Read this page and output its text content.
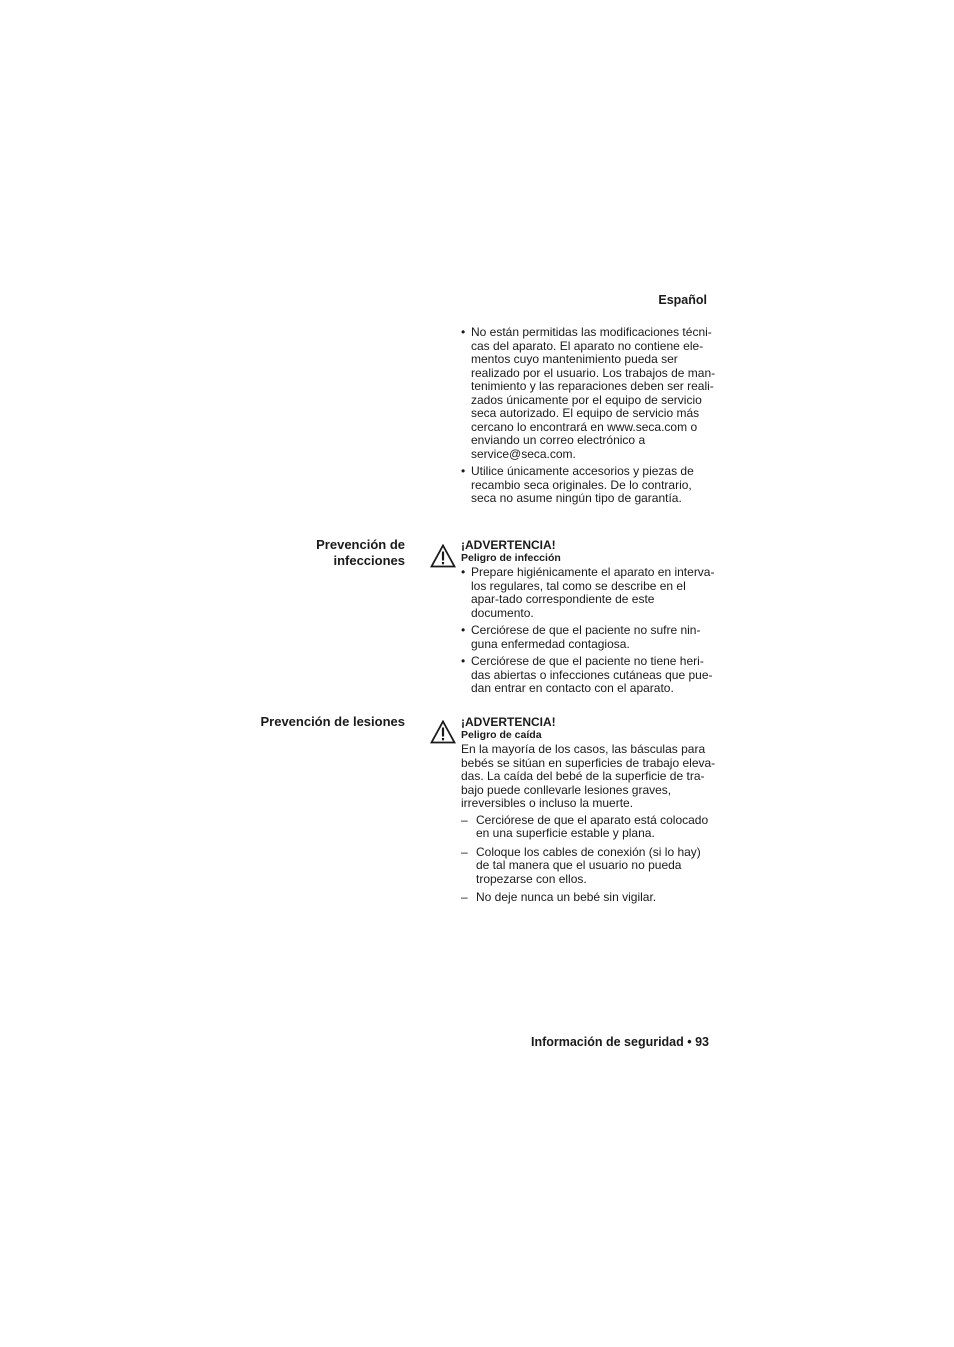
Español
• No están permitidas las modificaciones técni-cas del aparato. El aparato no contiene ele-mentos cuyo mantenimiento pueda ser realizado por el usuario. Los trabajos de man-tenimiento y las reparaciones deben ser reali-zados únicamente por el equipo de servicio seca autorizado. El equipo de servicio más cercano lo encontrará en www.seca.com o enviando un correo electrónico a service@seca.com.
• Utilice únicamente accesorios y piezas de recambio seca originales. De lo contrario, seca no asume ningún tipo de garantía.
Prevención de
infecciones
¡ADVERTENCIA!
Peligro de infección
• Prepare higiénicamente el aparato en interva-los regulares, tal como se describe en el apar-tado correspondiente de este documento.
• Cerciórese de que el paciente no sufre nin-guna enfermedad contagiosa.
• Cerciórese de que el paciente no tiene heri-das abiertas o infecciones cutáneas que pue-dan entrar en contacto con el aparato.
Prevención de lesiones	¡ADVERTENCIA!
Peligro de caída

En la mayoría de los casos, las básculas para bebés se sitúan en superficies de trabajo eleva-das. La caída del bebé de la superficie de tra-bajo puede conllevarle lesiones graves, irreversibles o incluso la muerte.

– Cerciórese de que el aparato está colocado en una superficie estable y plana.
– Coloque los cables de conexión (si lo hay) de tal manera que el usuario no pueda tropezarse con ellos.
– No deje nunca un bebé sin vigilar.
Información de seguridad • 93
